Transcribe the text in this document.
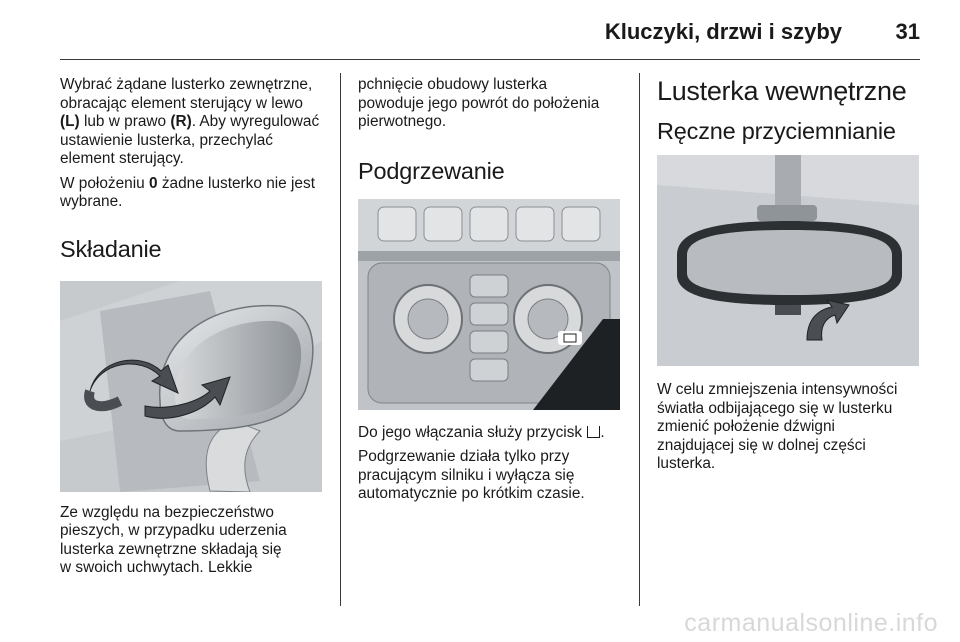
Kluczyki, drzwi i szyby 31

Wybrać żądane lusterko zewnętrzne,
obracając element sterujący w lewo
(L) lub w prawo (R). Aby wyregulować
ustawienie lusterka, przechylać
element sterujący.

W położeniu 0 żadne lusterko nie jest
wybrane.

Składanie

Ze względu na bezpieczeństwo
pieszych, w przypadku uderzenia
lusterka zewnętrzne składają się
w swoich uchwytach. Lekkie

pchnięcie obudowy lusterka
powoduje jego powrót do położenia
pierwotnego.

Podgrzewanie

Do jego włączania służy przycisk .

Podgrzewanie działa tylko przy
pracującym silniku i wyłącza się
automatycznie po krótkim czasie.

Lusterka wewnętrzne
Ręczne przyciemnianie

W celu zmniejszenia intensywności
światła odbijającego się w lusterku
zmienić położenie dźwigni
znajdującej się w dolnej części
lusterka.

carmanualsonline.info
